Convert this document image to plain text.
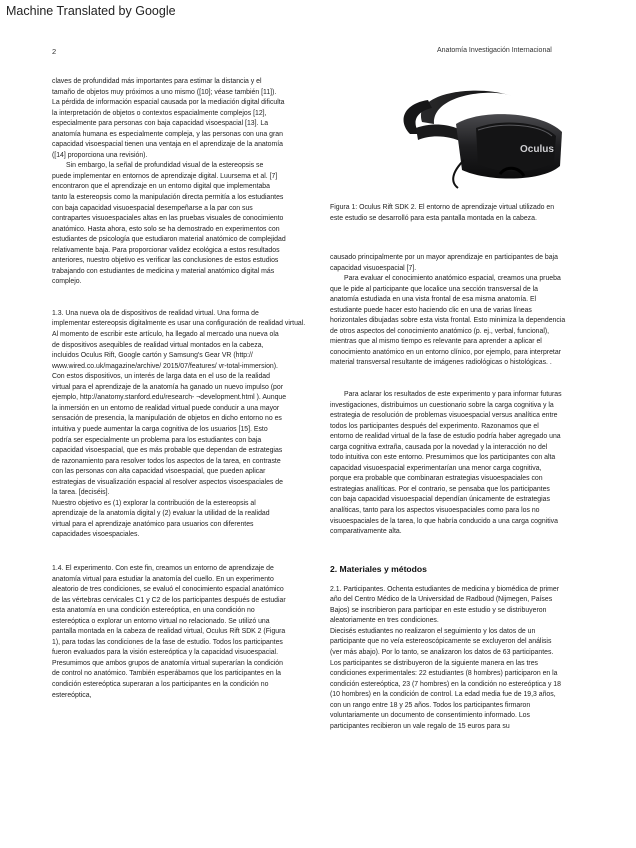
Machine Translated by Google
2	Anatomía Investigación Internacional

claves de profundidad más importantes para estimar la distancia y el
tamaño de objetos muy próximos a uno mismo ([10]; véase también [11]).
La pérdida de información espacial causada por la mediación digital dificulta
la interpretación de objetos o contextos espacialmente complejos [12],
especialmente para personas con baja capacidad visoespacial [13]. La
anatomía humana es especialmente compleja, y las personas con una gran
capacidad visoespacial tienen una ventaja en el aprendizaje de la anatomía
([14] proporciona una revisión).

Sin embargo, la señal de profundidad visual de la estereopsis se
puede implementar en entornos de aprendizaje digital. Luursema et al. [7]
encontraron que el aprendizaje en un entorno digital que implementaba
tanto la estereopsis como la manipulación directa permitía a los estudiantes
con baja capacidad visuoespacial desempeñarse a la par con sus
contrapartes visuoespaciales altas en las pruebas visuales de conocimiento
anatómico. Hasta ahora, esto solo se ha demostrado en experimentos con
estudiantes de psicología que estudiaron material anatómico de complejidad
relativamente baja. Para proporcionar validez ecológica a estos resultados
anteriores, nuestro objetivo es verificar las conclusiones de estos estudios
trabajando con estudiantes de medicina y material anatómico digital más
complejo.

1.3. Una nueva ola de dispositivos de realidad virtual. Una forma de
implementar estereopsis digitalmente es usar una configuración de realidad virtual.
Al momento de escribir este artículo, ha llegado al mercado una nueva ola
de dispositivos asequibles de realidad virtual montados en la cabeza,
incluidos Oculus Rift, Google cartón y Samsung's Gear VR (http://
www.wired.co.uk/magazine/archive/ 2015/07/features/ vr-total-immersion).
Con estos dispositivos, un interés de larga data en el uso de la realidad
virtual para el aprendizaje de la anatomía ha ganado un nuevo impulso (por
ejemplo, http://anatomy.stanford.edu/research- ¬development.html ). Aunque
la inmersión en un entorno de realidad virtual puede conducir a una mayor
sensación de presencia, la manipulación de objetos en dicho entorno no es
intuitiva y puede aumentar la carga cognitiva de los usuarios [15]. Esto
podría ser especialmente un problema para los estudiantes con baja
capacidad visoespacial, que es más probable que dependan de estrategias
de razonamiento para resolver todos los aspectos de la tarea, en contraste
con las personas con alta capacidad visoespacial, que pueden aplicar
estrategias de visualización espacial al resolver aspectos visoespaciales de
la tarea. [deciséis].
Nuestro objetivo es (1) explorar la contribución de la estereopsis al
aprendizaje de la anatomía digital y (2) evaluar la utilidad de la realidad
virtual para el aprendizaje anatómico para usuarios con diferentes
capacidades visoespaciales.

1.4. El experimento. Con este fin, creamos un entorno de aprendizaje de
anatomía virtual para estudiar la anatomía del cuello. En un experimento
aleatorio de tres condiciones, se evaluó el conocimiento espacial anatómico
de las vértebras cervicales C1 y C2 de los participantes después de estudiar
esta anatomía en una condición estereóptica, en una condición no
estereóptica o explorar un entorno virtual no relacionado. Se utilizó una
pantalla montada en la cabeza de realidad virtual, Oculus Rift SDK 2 (Figura
1), para todas las condiciones de la fase de estudio. Todos los participantes
fueron evaluados para la visión estereóptica y la capacidad visuoespacial.
Presumimos que ambos grupos de anatomía virtual superarían la condición
de control no anatómico. También esperábamos que los participantes en la
condición estereóptica superaran a los participantes en la condición no
estereóptica,

Oculus

Figura 1: Oculus Rift SDK 2. El entorno de aprendizaje virtual utilizado en
este estudio se desarrolló para esta pantalla montada en la cabeza.

causado principalmente por un mayor aprendizaje en participantes de baja
capacidad visuoespacial [7].

Para evaluar el conocimiento anatómico espacial, creamos una prueba
que le pide al participante que localice una sección transversal de la
anatomía estudiada en una vista frontal de esa misma anatomía. El
estudiante puede hacer esto haciendo clic en una de varias líneas
horizontales dibujadas sobre esta vista frontal. Esto minimiza la dependencia
de otros aspectos del conocimiento anatómico (p. ej., verbal, funcional),
mientras que al mismo tiempo es relevante para aprender a aplicar el
conocimiento anatómico en un entorno clínico, por ejemplo, para interpretar
material transversal resultante de imágenes radiológicas o histológicas. .

Para aclarar los resultados de este experimento y para informar futuras
investigaciones, distribuimos un cuestionario sobre la carga cognitiva y la
estrategia de resolución de problemas visuoespacial versus analítica entre
todos los participantes después del experimento. Razonamos que el
entorno de realidad virtual de la fase de estudio podría haber agregado una
carga cognitiva extraña, causada por la novedad y la interacción no del
todo intuitiva con este entorno. Presumimos que los participantes con alta
capacidad visuoespacial experimentarían una menor carga cognitiva,
porque era probable que combinaran estrategias visuoespaciales con
estrategias analíticas. Por el contrario, se pensaba que los participantes
con baja capacidad visuoespacial dependían únicamente de estrategias
analíticas, tanto para los aspectos visuoespaciales como para los no
visuoespaciales de la tarea, lo que habría conducido a una carga cognitiva
comparativamente alta.

2. Materiales y métodos

2.1. Participantes. Ochenta estudiantes de medicina y biomédica de primer
año del Centro Médico de la Universidad de Radboud (Nijmegen, Países
Bajos) se inscribieron para participar en este estudio y se distribuyeron
aleatoriamente en tres condiciones.
Diecisés estudiantes no realizaron el seguimiento y los datos de un
participante que no veía estereoscópicamente se excluyeron del análisis
(ver más abajo). Por lo tanto, se analizaron los datos de 63 participantes.
Los participantes se distribuyeron de la siguiente manera en las tres
condiciones experimentales: 22 estudiantes (8 hombres) participaron en la
condición estereóptica, 23 (7 hombres) en la condición no estereóptica y 18
(10 hombres) en la condición de control. La edad media fue de 19,3 años,
con un rango entre 18 y 25 años. Todos los participantes firmaron
voluntariamente un documento de consentimiento informado. Los
participantes recibieron un vale regalo de 15 euros para su
